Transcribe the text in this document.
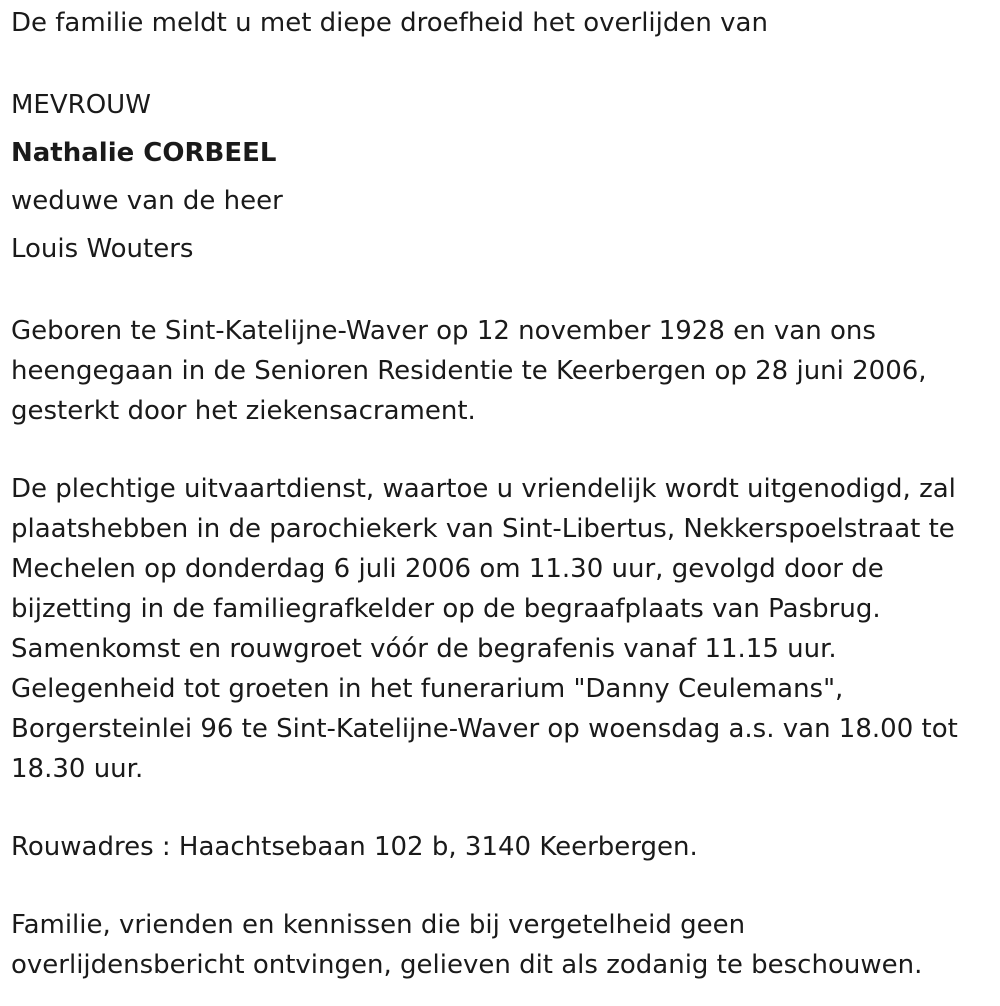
De familie meldt u met diepe droefheid het overlijden van

MEVROUW

Nathalie CORBEEL

weduwe van de heer

Louis Wouters

Geboren te Sint-Katelijne-Waver op 12 november 1928 en van ons

heengegaan in de Senioren Residentie te Keerbergen op 28 juni 2006,

gesterkt door het ziekensacrament.

De plechtige uitvaartdienst, waartoe u vriendelijk wordt uitgenodigd, zal

plaatshebben in de parochiekerk van Sint-Libertus, Nekkerspoelstraat te

Mechelen op donderdag 6 juli 2006 om 11.30 uur, gevolgd door de

bijzetting in de familiegrafkelder op de begraafplaats van Pasbrug.

Samenkomst en rouwgroet vóór de begrafenis vanaf 11.15 uur.

Gelegenheid tot groeten in het funerarium "Danny Ceulemans",

Borgersteinlei 96 te Sint-Katelijne-Waver op woensdag a.s. van 18.00 tot

18.30 uur.

Rouwadres : Haachtsebaan 102 b, 3140 Keerbergen.

Familie, vrienden en kennissen die bij vergetelheid geen

overlijdensbericht ontvingen, gelieven dit als zodanig te beschouwen.
